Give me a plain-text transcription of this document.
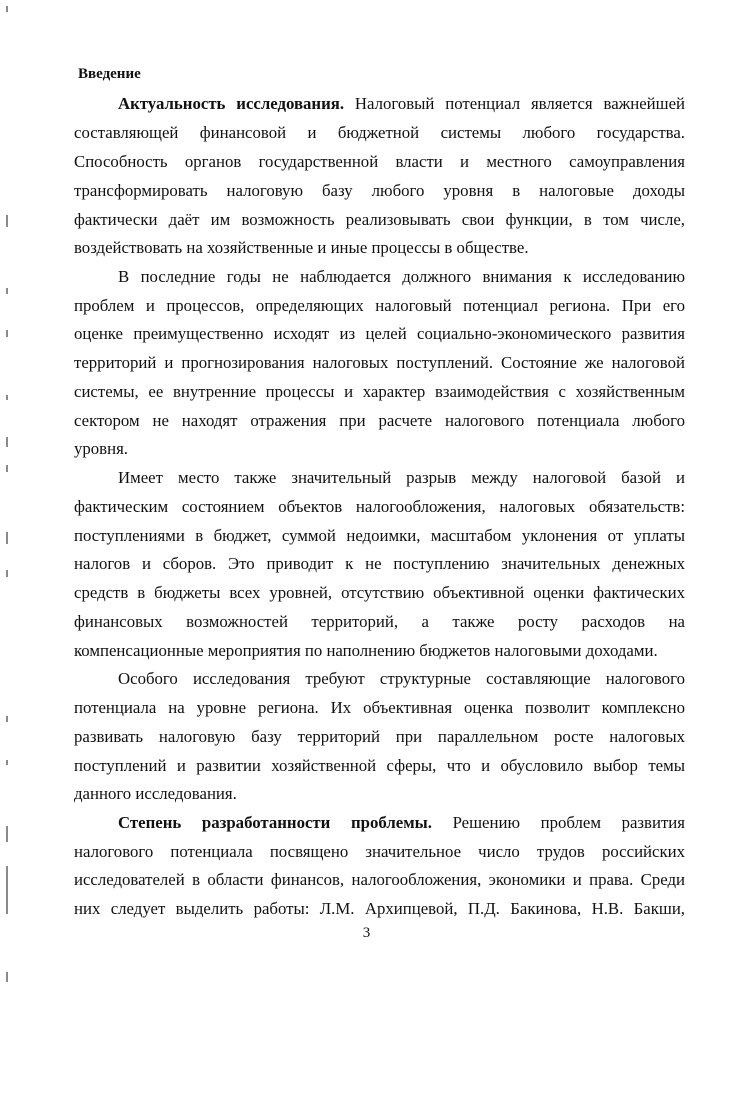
Введение
Актуальность исследования. Налоговый потенциал является важнейшей
составляющей финансовой и бюджетной системы любого государства.
Способность органов государственной власти и местного самоуправления
трансформировать налоговую базу любого уровня в налоговые доходы
фактически даёт им возможность реализовывать свои функции, в том числе,
воздействовать на хозяйственные и иные процессы в обществе.
В последние годы не наблюдается должного внимания к исследованию
проблем и процессов, определяющих налоговый потенциал региона. При его
оценке преимущественно исходят из целей социально-экономического развития
территорий и прогнозирования налоговых поступлений. Состояние же налоговой
системы, ее внутренние процессы и характер взаимодействия с хозяйственным
сектором не находят отражения при расчете налогового потенциала любого
уровня.
Имеет место также значительный разрыв между налоговой базой и
фактическим состоянием объектов налогообложения, налоговых обязательств:
поступлениями в бюджет, суммой недоимки, масштабом уклонения от уплаты
налогов и сборов. Это приводит к не поступлению значительных денежных
средств в бюджеты всех уровней, отсутствию объективной оценки фактических
финансовых возможностей территорий, а также росту расходов на
компенсационные мероприятия по наполнению бюджетов налоговыми доходами.
Особого исследования требуют структурные составляющие налогового
потенциала на уровне региона. Их объективная оценка позволит комплексно
развивать налоговую базу территорий при параллельном росте налоговых
поступлений и развитии хозяйственной сферы, что и обусловило выбор темы
данного исследования.
Степень разработанности проблемы. Решению проблем развития
налогового потенциала посвящено значительное число трудов российских
исследователей в области финансов, налогообложения, экономики и права. Среди
них следует выделить работы: Л.М. Архипцевой, П.Д. Бакинова, Н.В. Бакши,
3
